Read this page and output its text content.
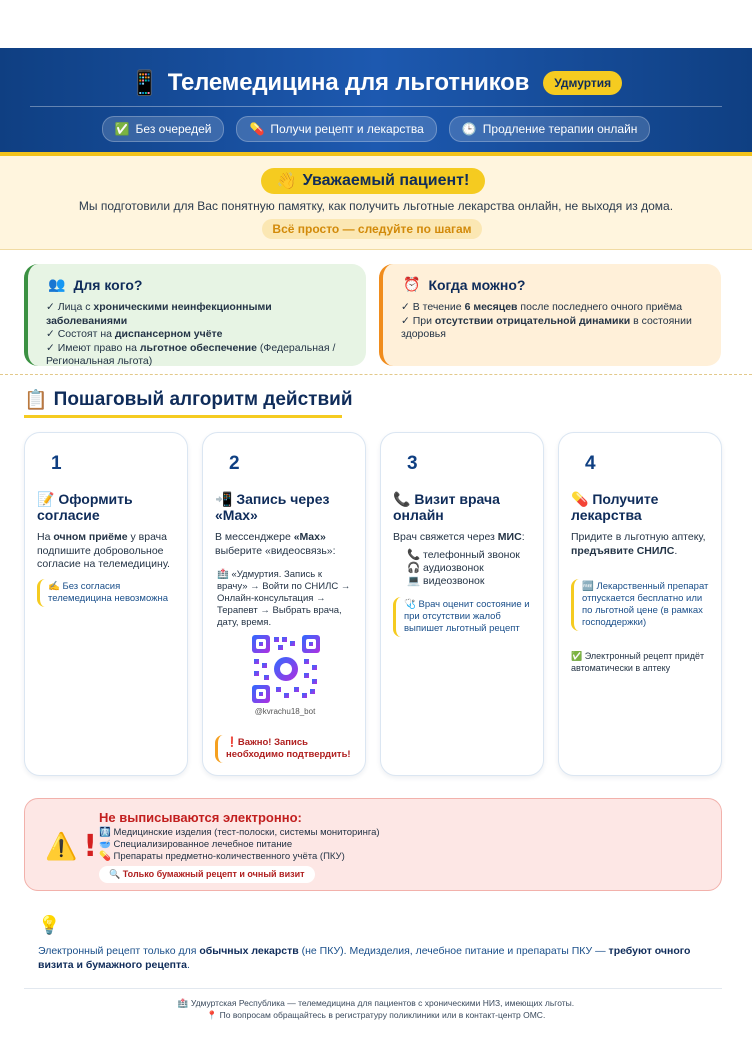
📱 Телемедицина для льготников	Удмуртия
✅ Без очередей	💊 Получи рецепт и лекарства	🕒 Продление терапии онлайн
👋 Уважаемый пациент!
Мы подготовили для Вас понятную памятку, как получить льготные лекарства онлайн, не выходя из дома.
Всё просто — следуйте по шагам
👥 Для кого?
✓ Лица с хроническими неинфекционными заболеваниями
✓ Состоят на диспансерном учёте
✓ Имеют право на льготное обеспечение (Федеральная / Региональная льгота)
⏰ Когда можно?
✓ В течение 6 месяцев после последнего очного приёма
✓ При отсутствии отрицательной динамики в состоянии здоровья
📋 Пошаговый алгоритм действий
1
📝 Оформить согласие
На очном приёме у врача подпишите добровольное согласие на телемедицину.
✍️ Без согласия телемедицина невозможна
2
📲 Запись через «Max»
В мессенджере «Max» выберите «видеосвязь»:
🏥 «Удмуртия. Запись к врачу» → Войти по СНИЛС → Онлайн-консультация → Терапевт → Выбрать врача, дату, время.
@kvrachu18_bot
❗Важно! Запись необходимо подтвердить!
3
📞 Визит врача онлайн
Врач свяжется через МИС:
📞 телефонный звонок
🎧 аудиозвонок
💻 видеозвонок
🩺 Врач оценит состояние и при отсутствии жалоб выпишет льготный рецепт
4
💊 Получите лекарства
Придите в льготную аптеку, предъявите СНИЛС.
🆓 Лекарственный препарат отпускается бесплатно или по льготной цене (в рамках господдержки)
✅ Электронный рецепт придёт автоматически в аптеку
⚠️ !
Не выписываются электронно:
🩻 Медицинские изделия (тест-полоски, системы мониторинга)
🥣 Специализированное лечебное питание
💊 Препараты предметно-количественного учёта (ПКУ)
🔍 Только бумажный рецепт и очный визит
💡
Электронный рецепт только для обычных лекарств (не ПКУ). Медизделия, лечебное питание и препараты ПКУ — требуют очного визита и бумажного рецепта.
🏥 Удмуртская Республика — телемедицина для пациентов с хроническими НИЗ, имеющих льготы.
📍 По вопросам обращайтесь в регистратуру поликлиники или в контакт-центр ОМС.
